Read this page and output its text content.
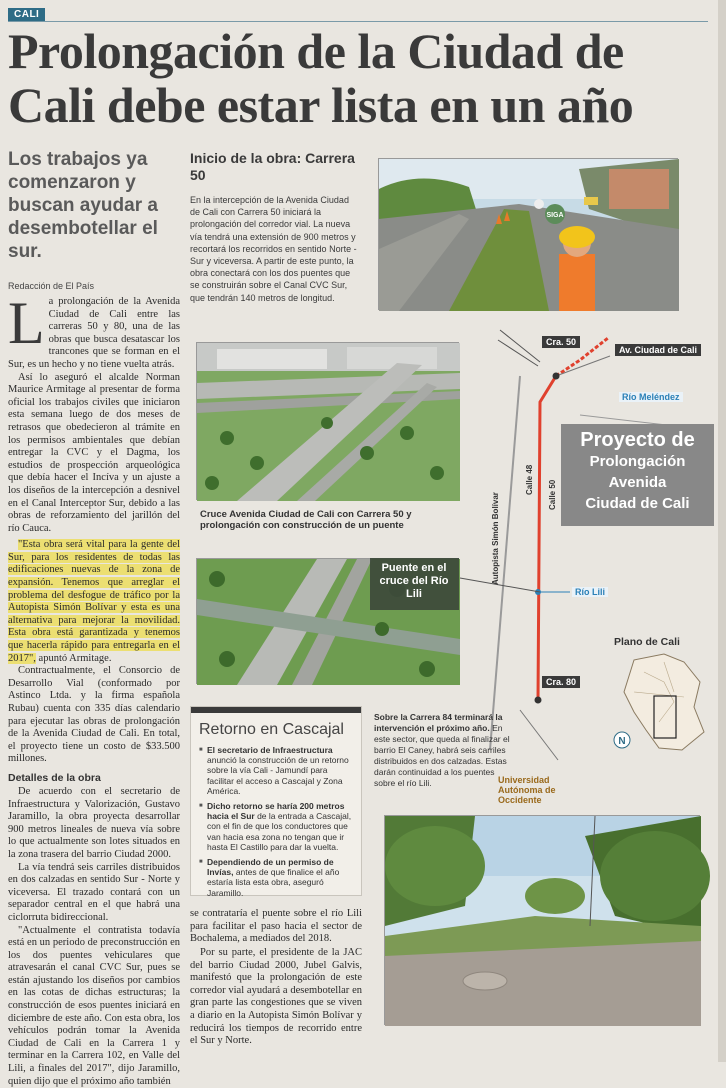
CALI
Prolongación de la Ciudad de Cali debe estar lista en un año
Los trabajos ya comenzaron y buscan ayudar a desembotellar el sur.
Redacción de El País

La prolongación de la Avenida Ciudad de Cali entre las carreras 50 y 80, una de las obras que busca desatascar los trancones que se forman en el Sur, es un hecho y no tiene vuelta atrás.

Así lo aseguró el alcalde Norman Maurice Armitage al presentar de forma oficial los trabajos civiles que iniciaron esta semana luego de dos meses de retrasos que obedecieron al trámite en los permisos ambientales que debían entregar la CVC y el Dagma, los estudios de prospección arqueológica que debía hacer el Incíva y un ajuste a los diseños de la intercepción a desnivel en el Canal Interceptor Sur, debido a las obras de reforzamiento del jarillón del río Cauca.

"Esta obra será vital para la gente del Sur, para los residentes de todas las edificaciones nuevas de la zona de expansión. Tenemos que arreglar el problema del desfogue de tráfico por la Autopista Simón Bolívar y esta es una alternativa para mejorar la movilidad. Esta obra está garantizada y tenemos que hacerla rápido para entregarla en el 2017", apuntó Armitage.

Contractualmente, el Consorcio de Desarrollo Vial (conformado por Astinco Ltda. y la firma española Rubau) cuenta con 335 días calendario para ejecutar las obras de prolongación de la Avenida Ciudad de Cali. En total, el proyecto tiene un costo de $33.500 millones.

Detalles de la obra

De acuerdo con el secretario de Infraestructura y Valorización, Gustavo Jaramillo, la obra proyecta desarrollar 900 metros lineales de nueva vía sobre lo que actualmente son lotes situados en la zona trasera del barrio Ciudad 2000.

La vía tendrá seis carriles distribuidos en dos calzadas en sentido Sur - Norte y viceversa. El trazado contará con un separador central en el que habrá una ciclorruta bidireccional.

"Actualmente el contratista todavía está en un periodo de preconstrucción en los dos puentes vehiculares que atravesarán el canal CVC Sur, pues se están ajustando los diseños por cambios en las cotas de dichas estructuras; la construcción de esos puentes iniciará en diciembre de este año. Con esta obra, los vehículos podrán tomar la Avenida Ciudad de Cali en la Carrera 1 y terminar en la Carrera 102, en Valle del Lili, a finales del 2017", dijo Jaramillo, quien dijo que el próximo año también

Inicio de la obra: Carrera 50
En la intercepción de la Avenida Ciudad de Cali con Carrera 50 iniciará la prolongación del corredor vial. La nueva vía tendrá una extensión de 900 metros y recortará los recorridos en sentido Norte - Sur y viceversa. A partir de este punto, la obra conectará con los dos puentes que se construirán sobre el Canal CVC Sur, que tendrán 140 metros de longitud.
SIGA
Cruce Avenida Ciudad de Cali con Carrera 50 y prolongación con construcción de un puente
Puente en el cruce del Río Lili
Autopista Simón Bolívar
Calle 48 Calle 50
Cra. 50
Av. Ciudad de Cali
Río Meléndez
Río Lili
Cra. 80
Proyecto de
Prolongación
Avenida
Ciudad de Cali
Plano de Cali
N
Sobre la Carrera 84 terminará la intervención el próximo año. En este sector, que queda al finalizar el barrio El Caney, habrá seis carriles distribuidos en dos calzadas. Estas darán continuidad a los puentes sobre el río Lili.	Universidad Autónoma de Occidente
Retorno en Cascajal
■ El secretario de Infraestructura anunció la construcción de un retorno sobre la vía Cali - Jamundí para facilitar el acceso a Cascajal y Zona América.
■ Dicho retorno se haría 200 metros hacia el Sur de la entrada a Cascajal, con el fin de que los conductores que van hacia esa zona no tengan que ir hasta El Castillo para dar la vuelta.
■ Dependiendo de un permiso de Invías, antes de que finalice el año estaría lista esta obra, aseguró Jaramillo.
se contrataría el puente sobre el río Lili para facilitar el paso hacia el sector de Bochalema, a mediados del 2018.
Por su parte, el presidente de la JAC del barrio Ciudad 2000, Jubel Galvis, manifestó que la prolongación de este corredor vial ayudará a desembotellar en gran parte las congestiones que se viven a diario en la Autopista Simón Bolívar y reducirá los tiempos de recorrido entre el Sur y Norte.
